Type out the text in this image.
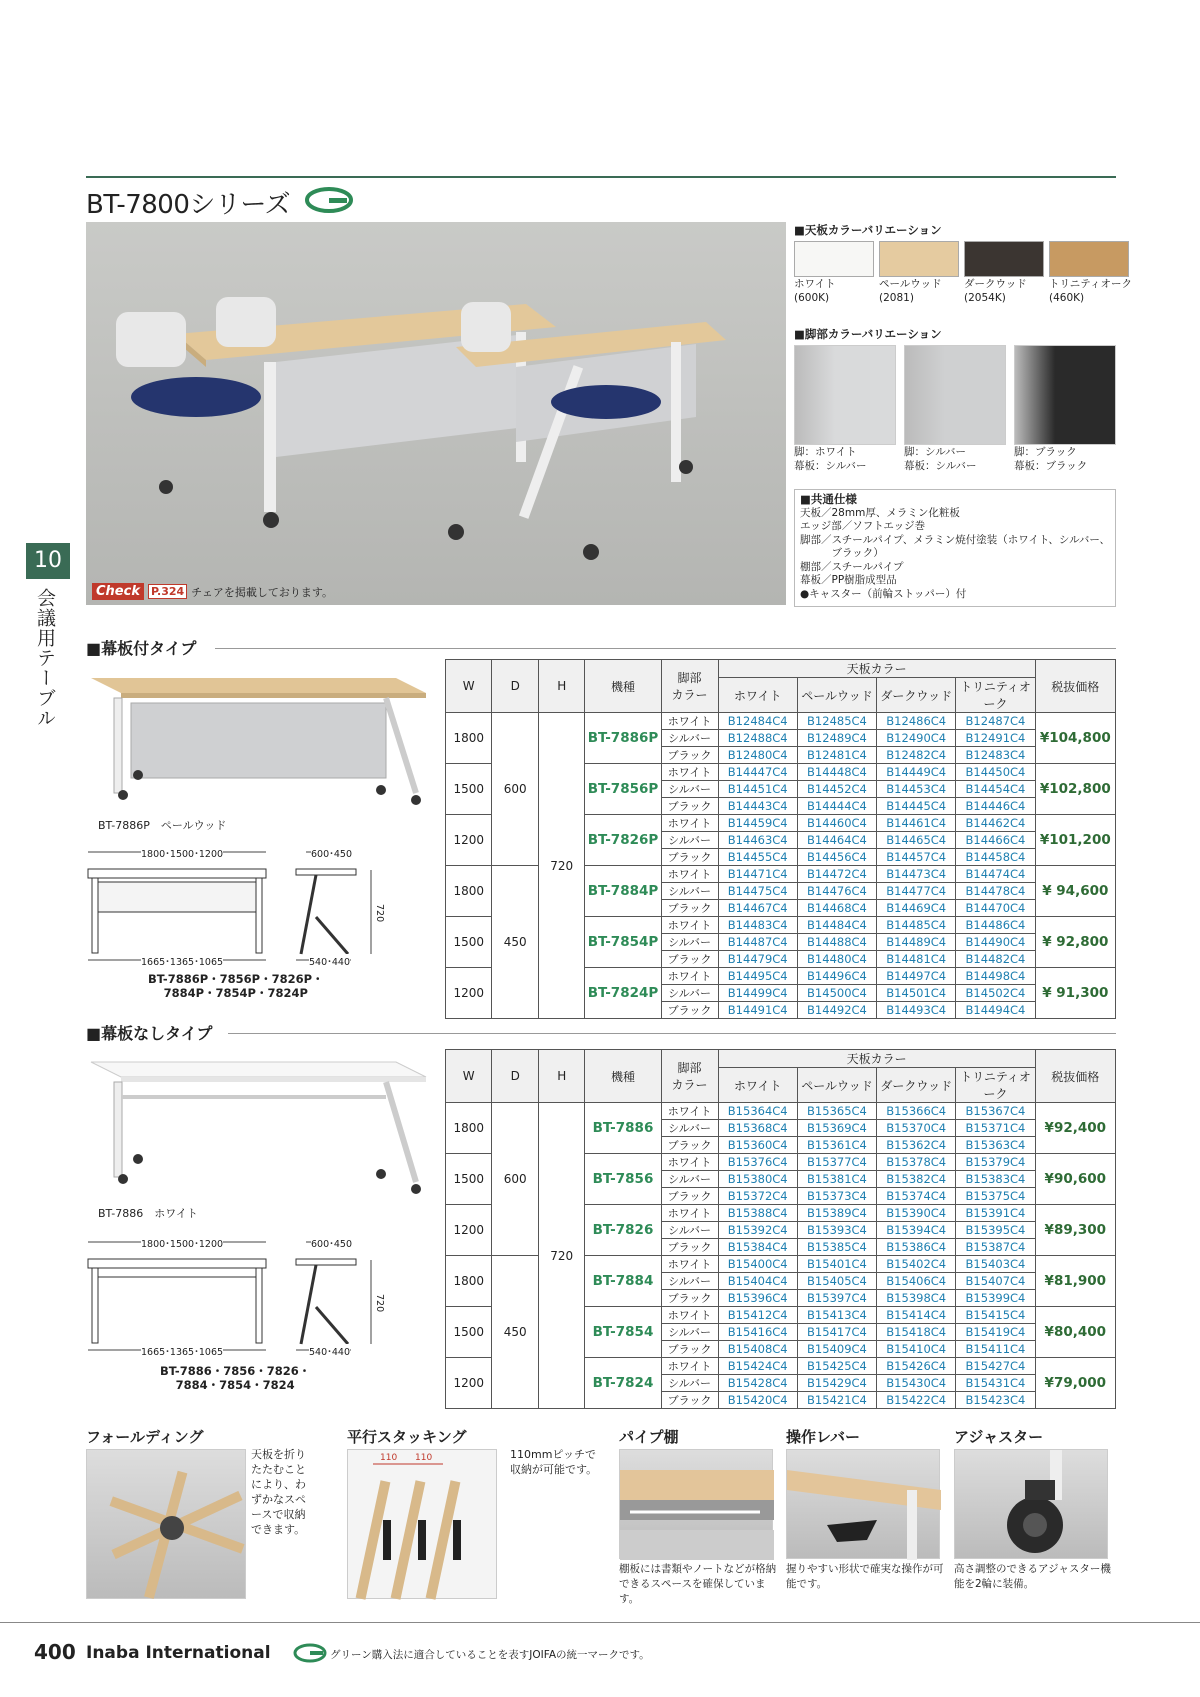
BT-7800シリーズ
Check	P.324 チェアを掲載しております。
10
会議用テーブル
■天板カラーバリエーション
ホワイト
(600K)
ペールウッド
(2081)
ダークウッド
(2054K)
トリニティオーク
(460K)
■脚部カラーバリエーション
脚：ホワイト
幕板：シルバー
脚：シルバー
幕板：シルバー
脚：ブラック
幕板：ブラック
■共通仕様
天板／28mm厚、メラミン化粧板
エッジ部／ソフトエッジ巻
脚部／スチールパイプ、メラミン焼付塗装（ホワイト、シルバー、
　　　ブラック）
棚部／スチールパイプ
幕板／PP樹脂成型品
●キャスター（前輪ストッパー）付
■幕板付タイプ
BT-7886P　ペールウッド
1800･1500･1200	600･450
720
1665･1365･1065	540･440
BT-7886P・7856P・7826P・
7884P・7854P・7824P
W	D	H	機種	脚部
カラー	天板カラー				税抜価格
					ホワイト	ペールウッド	ダークウッド	トリニティオーク	
1800	600	720	BT-7886P	ホワイト	B12484C4	B12485C4	B12486C4	B12487C4	¥104,800
				シルバー	B12488C4	B12489C4	B12490C4	B12491C4	
				ブラック	B12480C4	B12481C4	B12482C4	B12483C4	
1500			BT-7856P	ホワイト	B14447C4	B14448C4	B14449C4	B14450C4	¥102,800
				シルバー	B14451C4	B14452C4	B14453C4	B14454C4	
				ブラック	B14443C4	B14444C4	B14445C4	B14446C4	
1200			BT-7826P	ホワイト	B14459C4	B14460C4	B14461C4	B14462C4	¥101,200
				シルバー	B14463C4	B14464C4	B14465C4	B14466C4	
				ブラック	B14455C4	B14456C4	B14457C4	B14458C4	
1800	450		BT-7884P	ホワイト	B14471C4	B14472C4	B14473C4	B14474C4	¥ 94,600
				シルバー	B14475C4	B14476C4	B14477C4	B14478C4	
				ブラック	B14467C4	B14468C4	B14469C4	B14470C4	
1500			BT-7854P	ホワイト	B14483C4	B14484C4	B14485C4	B14486C4	¥ 92,800
				シルバー	B14487C4	B14488C4	B14489C4	B14490C4	
				ブラック	B14479C4	B14480C4	B14481C4	B14482C4	
1200			BT-7824P	ホワイト	B14495C4	B14496C4	B14497C4	B14498C4	¥ 91,300
				シルバー	B14499C4	B14500C4	B14501C4	B14502C4	
				ブラック	B14491C4	B14492C4	B14493C4	B14494C4	
■幕板なしタイプ
BT-7886　ホワイト
1800･1500･1200	600･450
720
1665･1365･1065	540･440
BT-7886・7856・7826・
7884・7854・7824
W	D	H	機種	脚部
カラー	天板カラー				税抜価格
					ホワイト	ペールウッド	ダークウッド	トリニティオーク	
1800	600	720	BT-7886	ホワイト	B15364C4	B15365C4	B15366C4	B15367C4	¥92,400
				シルバー	B15368C4	B15369C4	B15370C4	B15371C4	
				ブラック	B15360C4	B15361C4	B15362C4	B15363C4	
1500			BT-7856	ホワイト	B15376C4	B15377C4	B15378C4	B15379C4	¥90,600
				シルバー	B15380C4	B15381C4	B15382C4	B15383C4	
				ブラック	B15372C4	B15373C4	B15374C4	B15375C4	
1200			BT-7826	ホワイト	B15388C4	B15389C4	B15390C4	B15391C4	¥89,300
				シルバー	B15392C4	B15393C4	B15394C4	B15395C4	
				ブラック	B15384C4	B15385C4	B15386C4	B15387C4	
1800	450		BT-7884	ホワイト	B15400C4	B15401C4	B15402C4	B15403C4	¥81,900
				シルバー	B15404C4	B15405C4	B15406C4	B15407C4	
				ブラック	B15396C4	B15397C4	B15398C4	B15399C4	
1500			BT-7854	ホワイト	B15412C4	B15413C4	B15414C4	B15415C4	¥80,400
				シルバー	B15416C4	B15417C4	B15418C4	B15419C4	
				ブラック	B15408C4	B15409C4	B15410C4	B15411C4	
1200			BT-7824	ホワイト	B15424C4	B15425C4	B15426C4	B15427C4	¥79,000
				シルバー	B15428C4	B15429C4	B15430C4	B15431C4	
				ブラック	B15420C4	B15421C4	B15422C4	B15423C4	
フォールディング
天板を折りたたむことにより、わずかなスペースで収納できます。
平行スタッキング
110 110	110mmピッチで収納が可能です。
パイプ棚
棚板には書類やノートなどが格納できるスペースを確保しています。
操作レバー
握りやすい形状で確実な操作が可能です。
アジャスター
高さ調整のできるアジャスター機能を2輪に装備。
400 Inaba International	グリーン購入法に適合していることを表すJOIFAの統一マークです。
